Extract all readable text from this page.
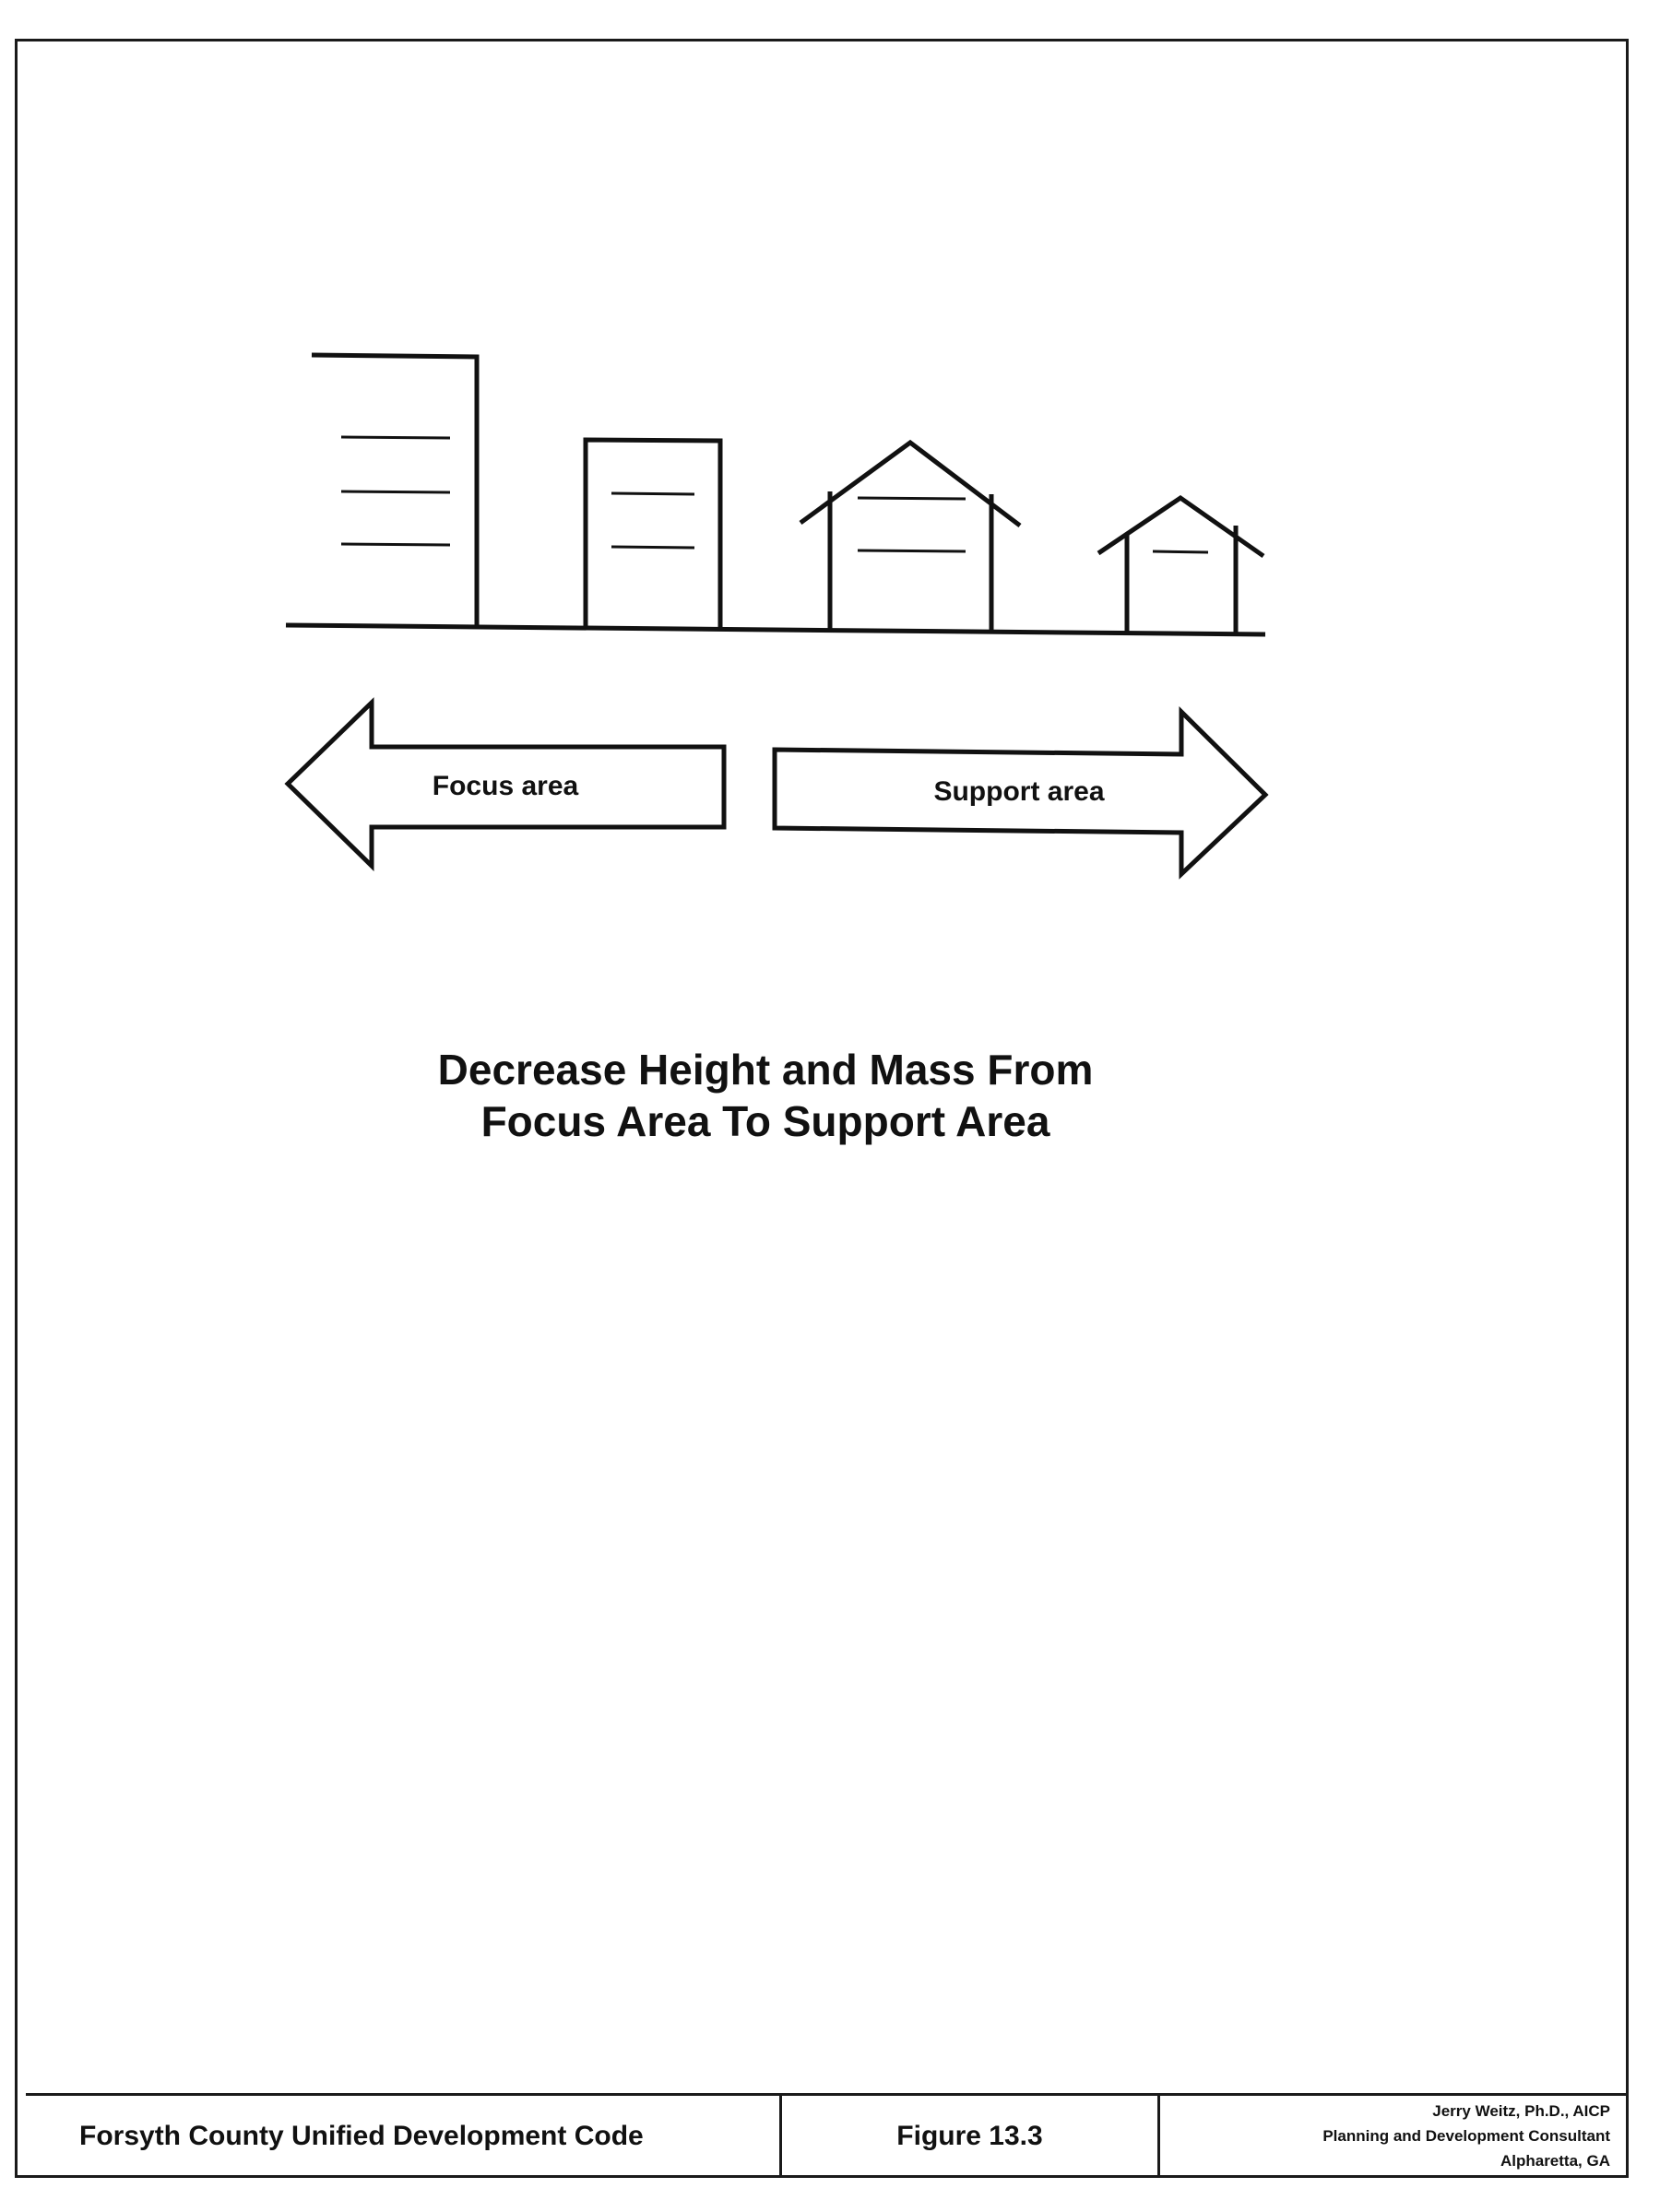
Focus area	Support area
Decrease Height and Mass From
Focus Area To Support Area
Forsyth County Unified Development Code	Figure 13.3
Jerry Weitz, Ph.D., AICP
Planning and Development Consultant
Alpharetta, GA
